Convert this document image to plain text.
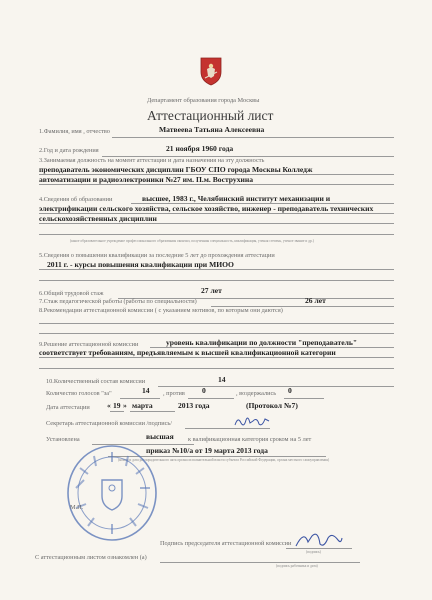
Департамент образования города Москвы
Аттестационный лист
1.Фамилия, имя , отчество	Матвеева Татьяна Алексеевна
2.Год и дата рождения	21 ноября 1960 года
3.Занимаемая должность на момент аттестации и дата назначения на эту должность
преподаватель экономических дисциплин ГБОУ СПО города Москвы Колледж
автоматизации и радиоэлектроники №27 им. П.м. Вострухина
4.Сведения об образовании	высшее, 1983 г., Челябинский институт механизации и
электрификации сельского хозяйства, сельское хозяйство, инженер - преподаватель технических
сельскохозяйственных дисциплин
(какое образовательное учреждение профессионального образования окончил, полученная специальность, квалификация, ученая степень, ученое звание и др.)
5.Сведения о повышении квалификации за последние 5 лет до прохождения аттестации
2011 г. - курсы повышения квалификации при МИОО
6.Общий трудовой стаж	27 лет
7.Стаж педагогической работы (работы по специальности)	26 лет
8.Рекомендации аттестационной комиссии ( с указанием мотивов, по которым они даются)
9.Решение аттестационной комиссии	уровень квалификации по должности "преподаватель"
соответствует требованиям, предъявляемым к высшей квалификационной категории
10.Количественный состав комиссии	14
Количество голосов "за"	14 , против 0	, воздержались 0
Дата аттестации « 19 » марта	2013 года	(Протокол №7)
Секретарь аттестационной комиссии /подпись/
Установлена	высшая к валификационная категория сроком на 5 лет
приказ №10/а от 19 марта 2013 года
(номер и дата распорядительного акта органа исполнительной власти субъекта Российской Федерации, органа местного самоуправления)
М.П.
Подпись председателя аттестационной комиссии
(подпись)
С аттестационным листом ознакомлен (а)
(подпись работника и дата)
